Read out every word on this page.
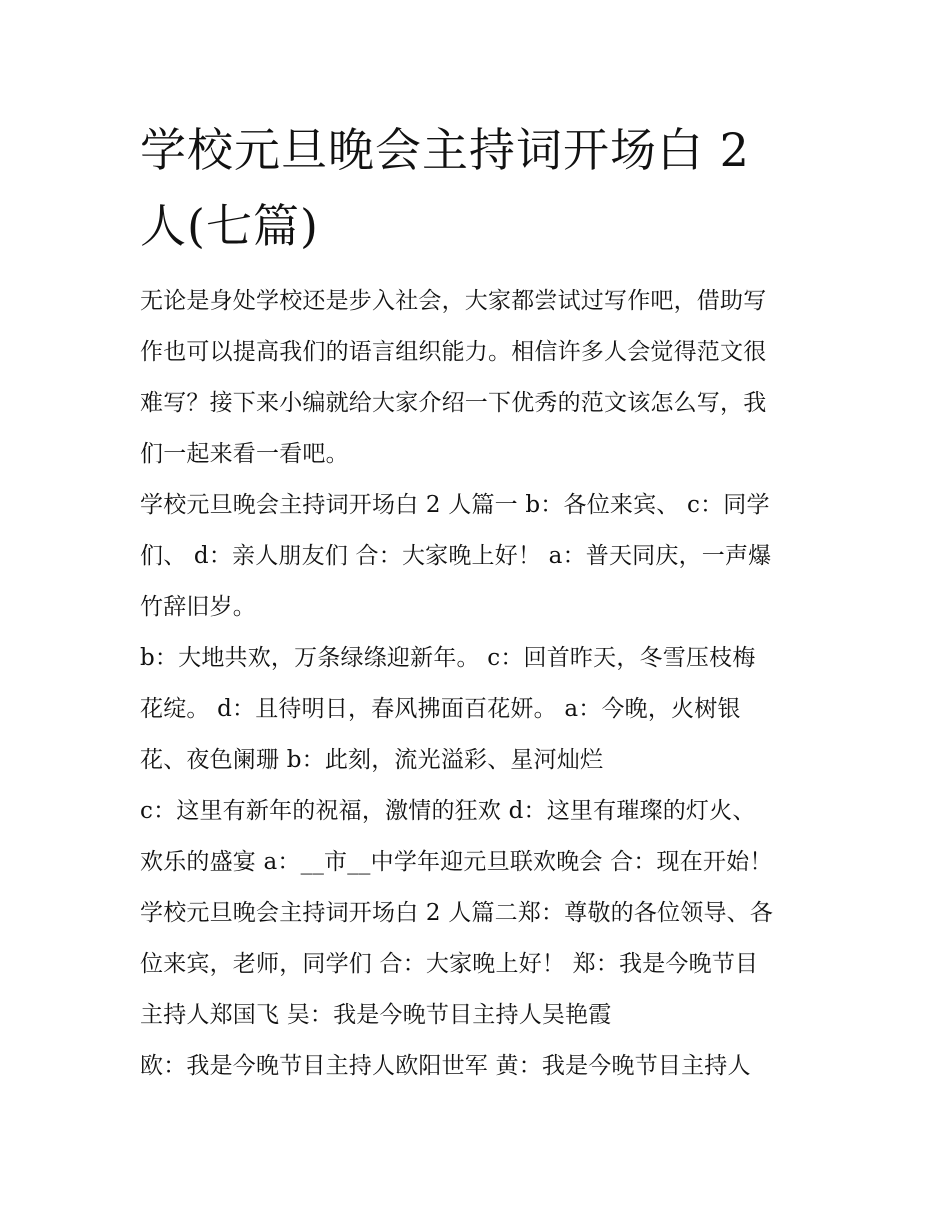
学校元旦晚会主持词开场白 2
人(七篇)
无论是身处学校还是步入社会，大家都尝试过写作吧，借助写
作也可以提高我们的语言组织能力。相信许多人会觉得范文很
难写？接下来小编就给大家介绍一下优秀的范文该怎么写，我
们一起来看一看吧。
学校元旦晚会主持词开场白 2 人篇一 b：各位来宾、 c：同学
们、 d：亲人朋友们 合：大家晚上好！ a：普天同庆，一声爆
竹辞旧岁。
b：大地共欢，万条绿绦迎新年。 c：回首昨天，冬雪压枝梅
花绽。 d：且待明日，春风拂面百花妍。 a：今晚，火树银
花、夜色阑珊 b：此刻，流光溢彩、星河灿烂
c：这里有新年的祝福，激情的狂欢 d：这里有璀璨的灯火、
欢乐的盛宴 a：__市__中学年迎元旦联欢晚会 合：现在开始！
学校元旦晚会主持词开场白 2 人篇二郑：尊敬的各位领导、各
位来宾，老师，同学们 合：大家晚上好！ 郑：我是今晚节目
主持人郑国飞 吴：我是今晚节目主持人吴艳霞
欧：我是今晚节目主持人欧阳世军 黄：我是今晚节目主持人
